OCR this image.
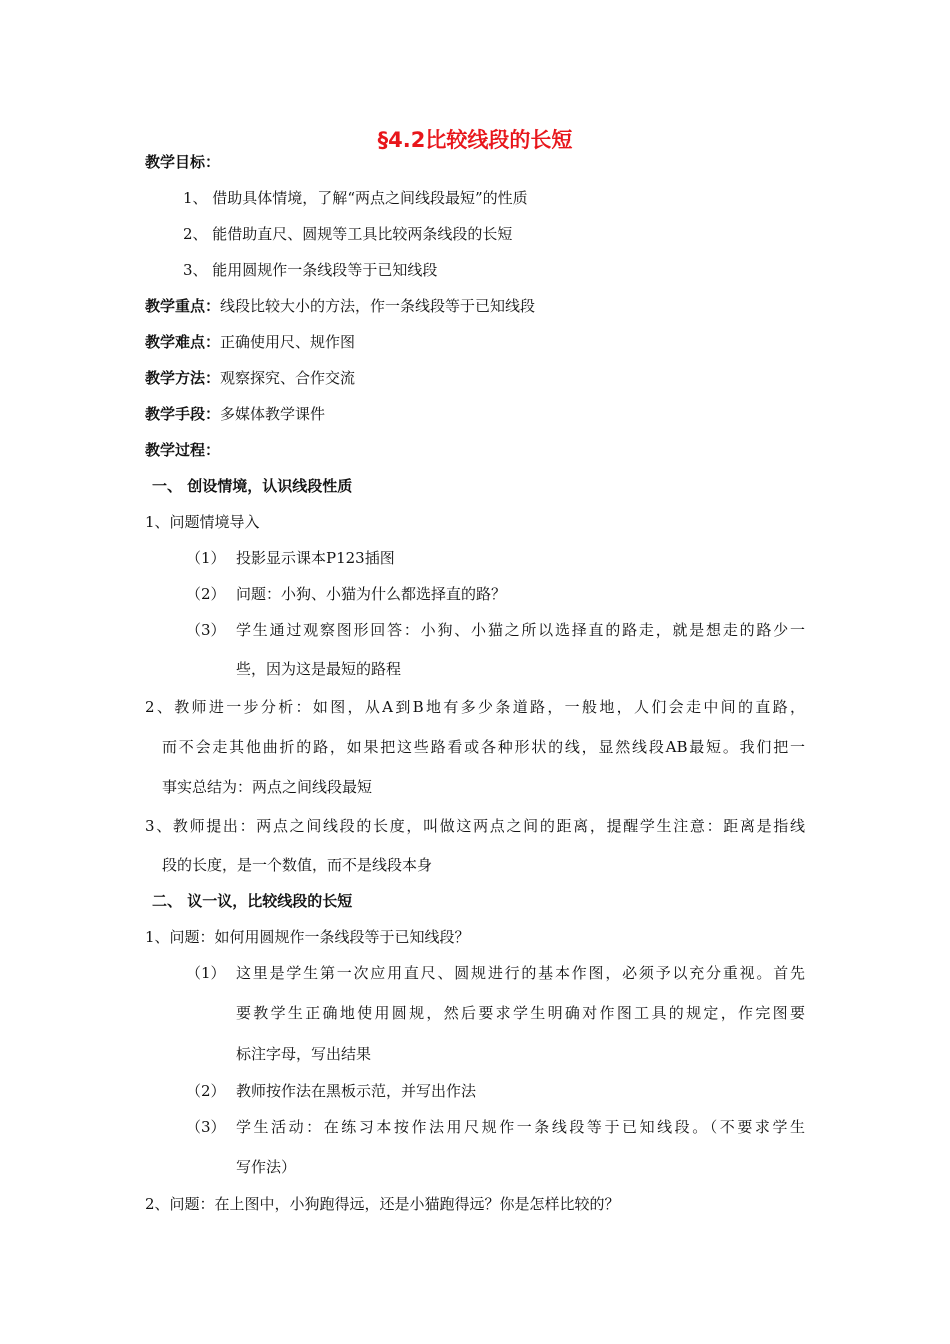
§4.2比较线段的长短
教学目标：
1、 借助具体情境，了解“两点之间线段最短”的性质
2、 能借助直尺、圆规等工具比较两条线段的长短
3、 能用圆规作一条线段等于已知线段
教学重点：线段比较大小的方法，作一条线段等于已知线段
教学难点：正确使用尺、规作图
教学方法：观察探究、合作交流
教学手段：多媒体教学课件
教学过程：
一、 创设情境，认识线段性质
1、问题情境导入
（1） 投影显示课本P123插图
（2） 问题：小狗、小猫为什么都选择直的路？
（3） 学生通过观察图形回答：小狗、小猫之所以选择直的路走，就是想走的路少一
些，因为这是最短的路程
2、教师进一步分析：如图，从A到B地有多少条道路，一般地，人们会走中间的直路，
而不会走其他曲折的路，如果把这些路看或各种形状的线，显然线段AB最短。我们把一
事实总结为：两点之间线段最短
3、教师提出：两点之间线段的长度，叫做这两点之间的距离，提醒学生注意：距离是指线
段的长度，是一个数值，而不是线段本身
二、 议一议，比较线段的长短
1、问题：如何用圆规作一条线段等于已知线段？
（1） 这里是学生第一次应用直尺、圆规进行的基本作图，必须予以充分重视。首先
要教学生正确地使用圆规，然后要求学生明确对作图工具的规定，作完图要
标注字母，写出结果
（2） 教师按作法在黑板示范，并写出作法
（3） 学生活动：在练习本按作法用尺规作一条线段等于已知线段。（不要求学生
写作法）
2、问题：在上图中，小狗跑得远，还是小猫跑得远？你是怎样比较的？
